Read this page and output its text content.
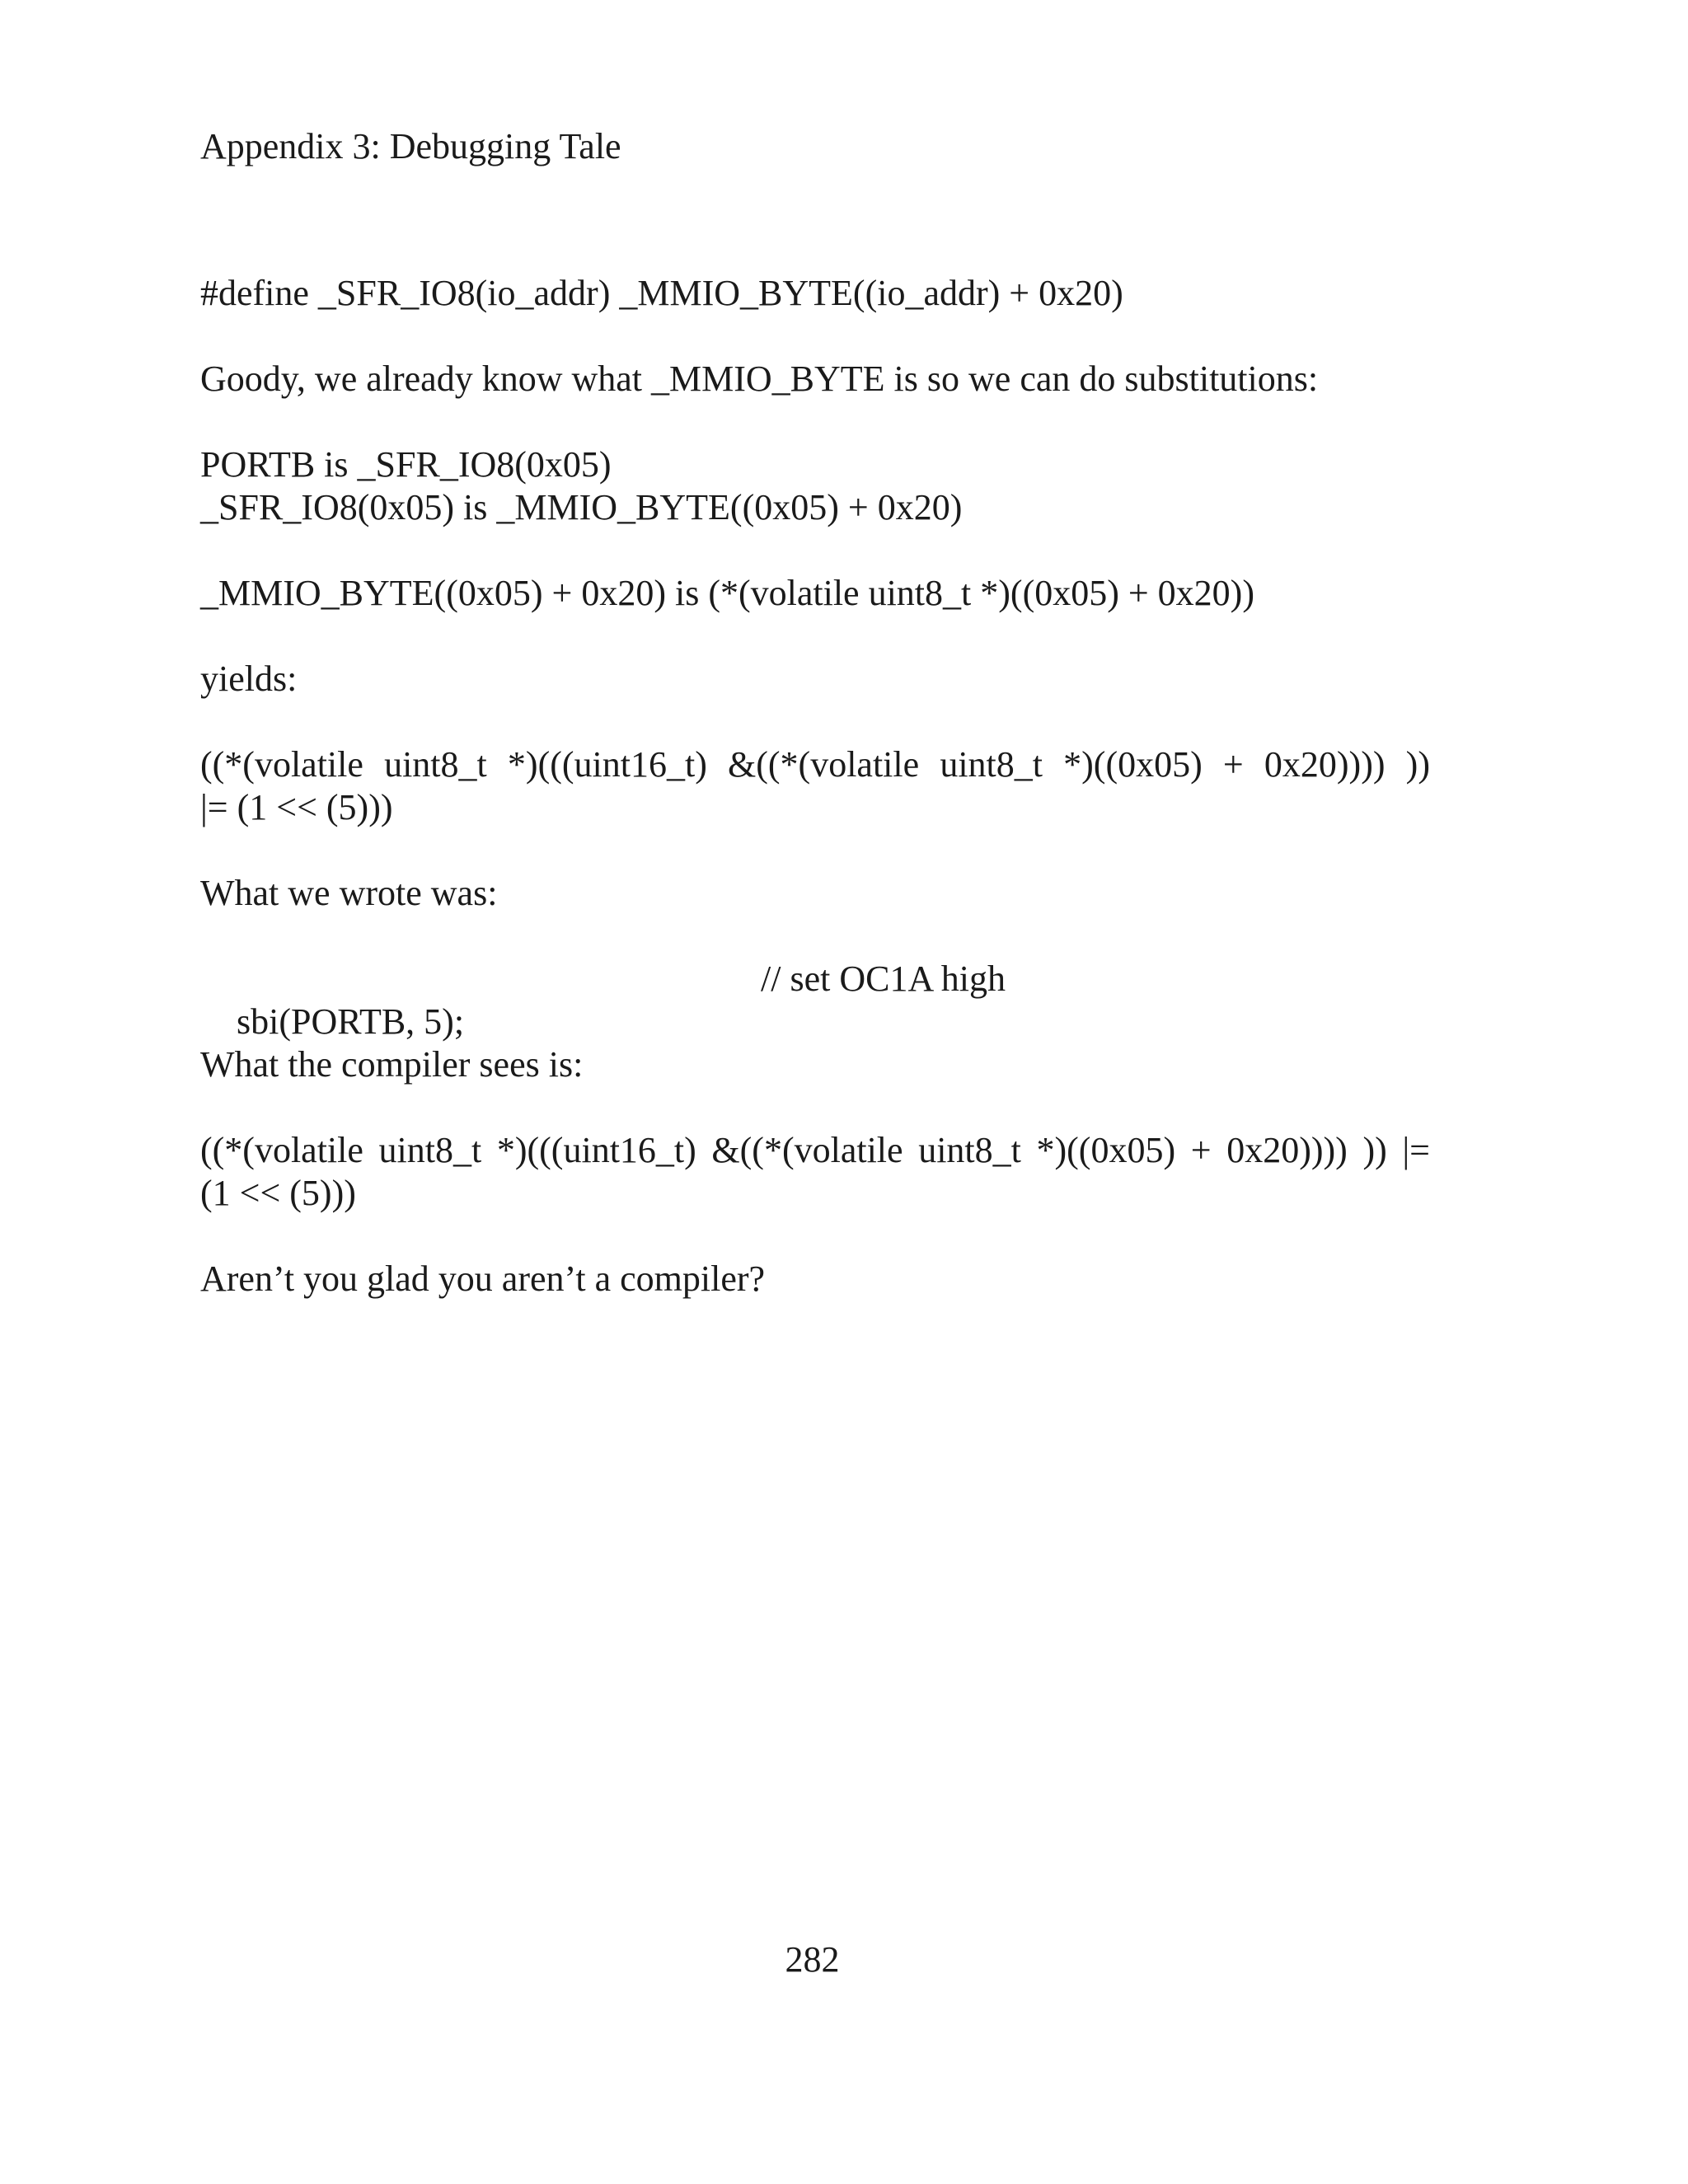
Appendix 3: Debugging Tale
#define _SFR_IO8(io_addr) _MMIO_BYTE((io_addr) + 0x20)
Goody, we already know what _MMIO_BYTE is so we can do substitutions:
PORTB is _SFR_IO8(0x05)
_SFR_IO8(0x05) is _MMIO_BYTE((0x05) + 0x20)
_MMIO_BYTE((0x05) + 0x20) is (*(volatile uint8_t *)((0x05) + 0x20))
yields:
((*(volatile uint8_t *)(((uint16_t) &((*(volatile uint8_t *)((0x05) + 0x20)))) ))
|= (1 << (5)))
What we wrote was:

sbi(PORTB, 5);

// set OC1A high

What the compiler sees is:
((*(volatile uint8_t *)(((uint16_t) &((*(volatile uint8_t *)((0x05) + 0x20)))) )) |=
(1 << (5)))
Aren’t you glad you aren’t a compiler?
282
